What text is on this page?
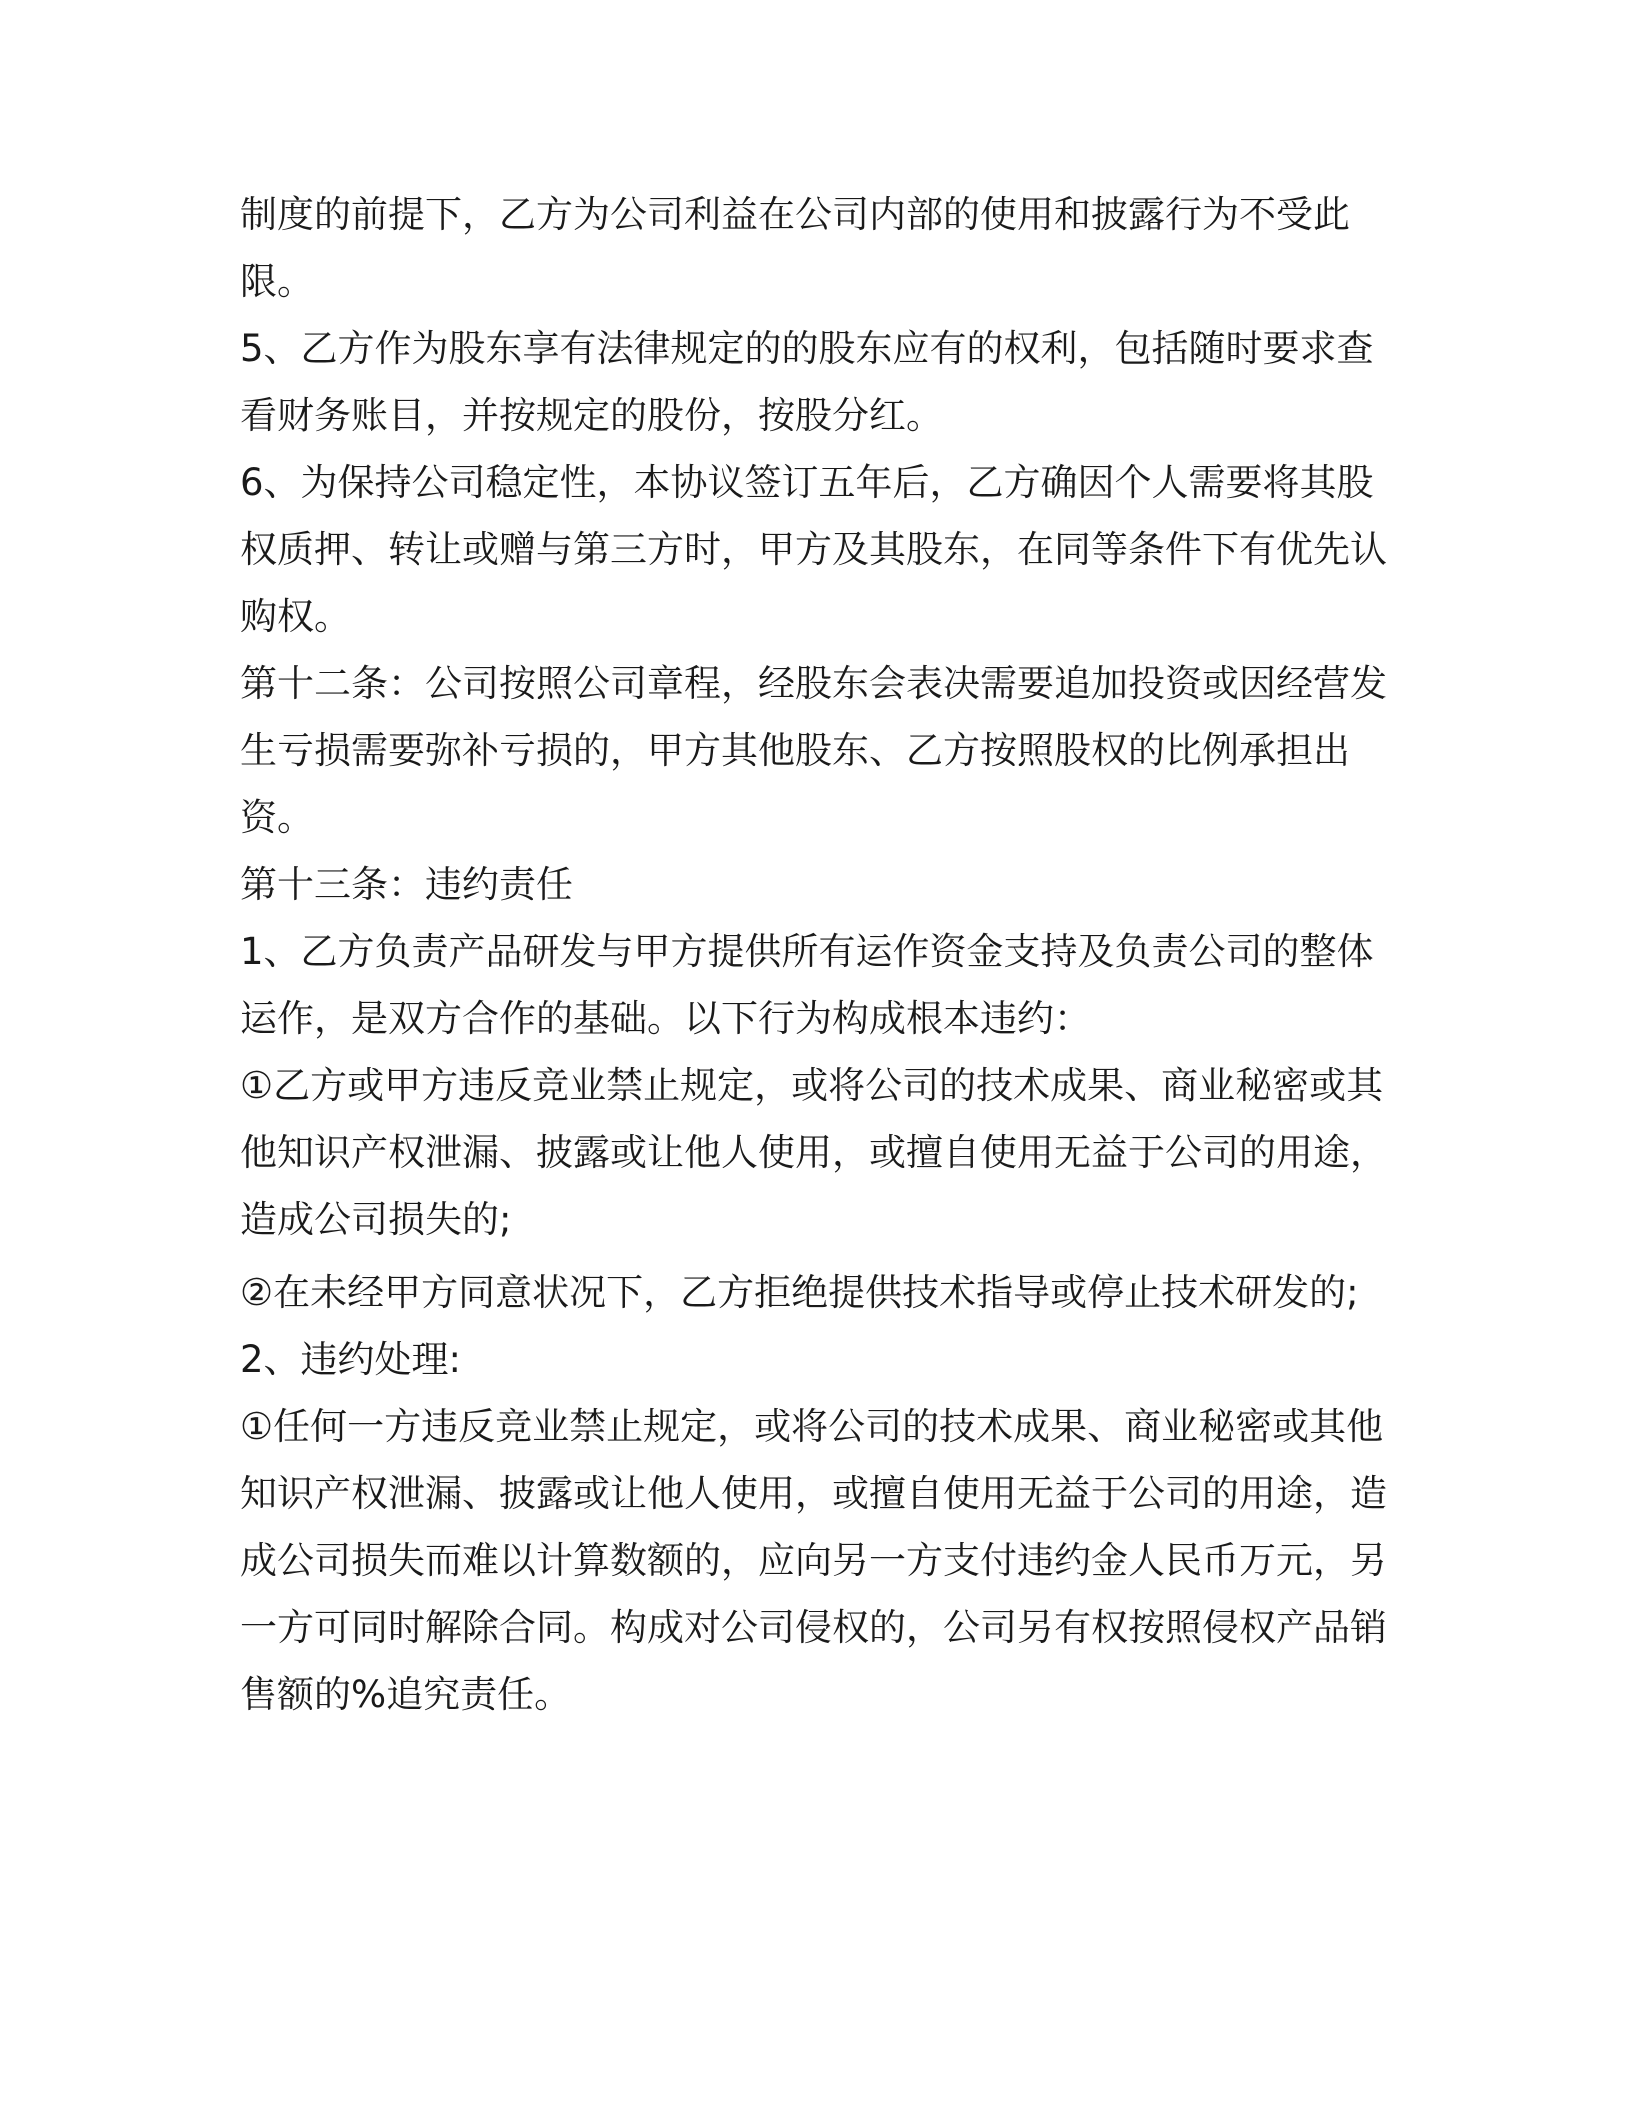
制度的前提下，乙方为公司利益在公司内部的使用和披露行为不受此限。

5、乙方作为股东享有法律规定的的股东应有的权利，包括随时要求查看财务账目，并按规定的股份，按股分红。

6、为保持公司稳定性，本协议签订五年后，乙方确因个人需要将其股权质押、转让或赠与第三方时，甲方及其股东，在同等条件下有优先认购权。

第十二条：公司按照公司章程，经股东会表决需要追加投资或因经营发生亏损需要弥补亏损的，甲方其他股东、乙方按照股权的比例承担出资。

第十三条：违约责任

1、乙方负责产品研发与甲方提供所有运作资金支持及负责公司的整体运作，是双方合作的基础。以下行为构成根本违约：

①乙方或甲方违反竞业禁止规定，或将公司的技术成果、商业秘密或其他知识产权泄漏、披露或让他人使用，或擅自使用无益于公司的用途，造成公司损失的;

②在未经甲方同意状况下，乙方拒绝提供技术指导或停止技术研发的;

2、违约处理:

①任何一方违反竞业禁止规定，或将公司的技术成果、商业秘密或其他知识产权泄漏、披露或让他人使用，或擅自使用无益于公司的用途，造成公司损失而难以计算数额的，应向另一方支付违约金人民币万元，另一方可同时解除合同。构成对公司侵权的，公司另有权按照侵权产品销售额的%追究责任。
